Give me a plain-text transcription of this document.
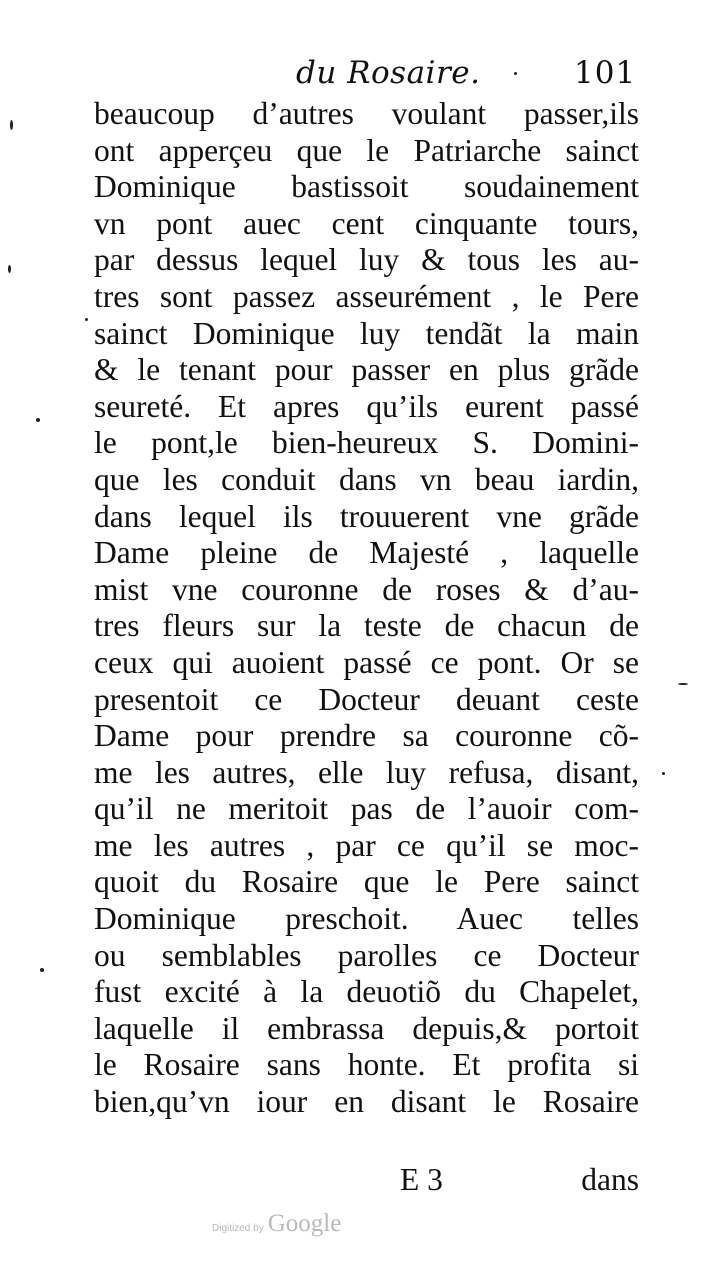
du Rosaire.	101
beaucoup d’autres voulant passer,ils
ont apperçeu que le Patriarche sainct
Dominique bastissoit soudainement
vn pont auec cent cinquante tours,
par dessus lequel luy & tous les au-
tres sont passez asseurément , le Pere
sainct Dominique luy tendãt la main
& le tenant pour passer en plus grãde
seureté. Et apres qu’ils eurent passé
le pont,le bien-heureux S. Domini-
que les conduit dans vn beau iardin,
dans lequel ils trouuerent vne grãde
Dame pleine de Majesté , laquelle
mist vne couronne de roses & d’au-
tres fleurs sur la teste de chacun de
ceux qui auoient passé ce pont. Or se
presentoit ce Docteur deuant ceste
Dame pour prendre sa couronne cõ-
me les autres, elle luy refusa, disant,
qu’il ne meritoit pas de l’auoir com-
me les autres , par ce qu’il se moc-
quoit du Rosaire que le Pere sainct
Dominique preschoit. Auec telles
ou semblables parolles ce Docteur
fust excité à la deuotiõ du Chapelet,
laquelle il embrassa depuis,& portoit
le Rosaire sans honte. Et profita si
bien,qu’vn iour en disant le Rosaire
E 3	dans
Digitized by Google
